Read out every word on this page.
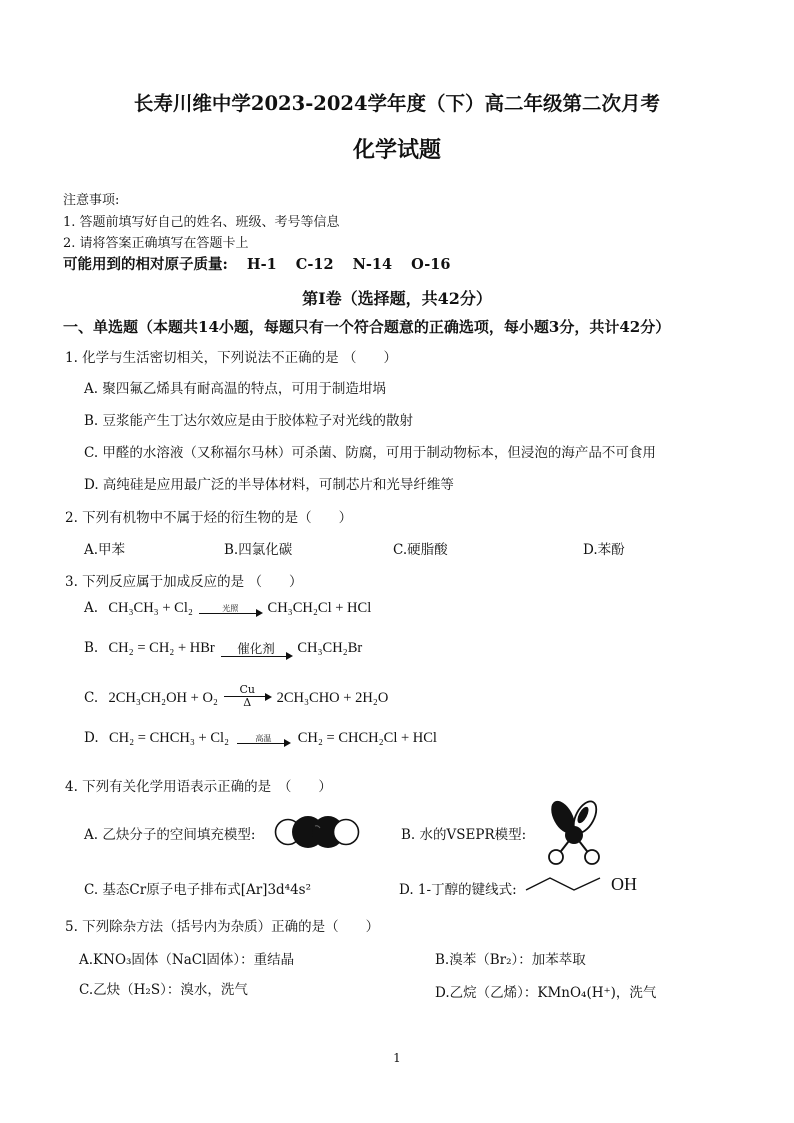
长寿川维中学2023-2024学年度（下）高二年级第二次月考
化学试题
注意事项:
1. 答题前填写好自己的姓名、班级、考号等信息
2. 请将答案正确填写在答题卡上
可能用到的相对原子质量: H-1 C-12 N-14 O-16
第Ⅰ卷（选择题，共42分）
一、单选题（本题共14小题，每题只有一个符合题意的正确选项，每小题3分，共计42分）
1. 化学与生活密切相关，下列说法不正确的是 （　　）
A. 聚四氟乙烯具有耐高温的特点，可用于制造坩埚
B. 豆浆能产生丁达尔效应是由于胶体粒子对光线的散射
C. 甲醛的水溶液（又称福尔马林）可杀菌、防腐，可用于制动物标本，但浸泡的海产品不可食用
D. 高纯硅是应用最广泛的半导体材料，可制芯片和光导纤维等
2. 下列有机物中不属于烃的衍生物的是（　　）
A.甲苯	B.四氯化碳	C.硬脂酸	D.苯酚
3. 下列反应属于加成反应的是 （　　）
A. CH₃CH₃ + Cl₂	光照	CH₃CH₂Cl + HCl
B. CH₂ = CH₂ + HBr	催化剂	CH₃CH₂Br
C. $2CH_3CH_2OH + O_2 \frac{Cu}{\Delta} 2CH_3CHO + 2H_2O$
D. CH₂ = CHCH₃ + Cl₂	高温	CH₂ = CHCH₂Cl + HCl
4. 下列有关化学用语表示正确的是　（　　）
A. 乙炔分子的空间填充模型:	B. 水的VSEPR模型:
C. 基态Cr原子电子排布式[Ar]3d⁴4s²	D. 1-丁醇的键线式:	OH
5. 下列除杂方法（括号内为杂质）正确的是（　　）
A.KNO₃固体（NaCl固体）：重结晶	B.溴苯（Br₂）：加苯萃取
C.乙炔（H₂S）：溴水，洗气	D.乙烷（乙烯）：KMnO₄(H⁺)，洗气
1
